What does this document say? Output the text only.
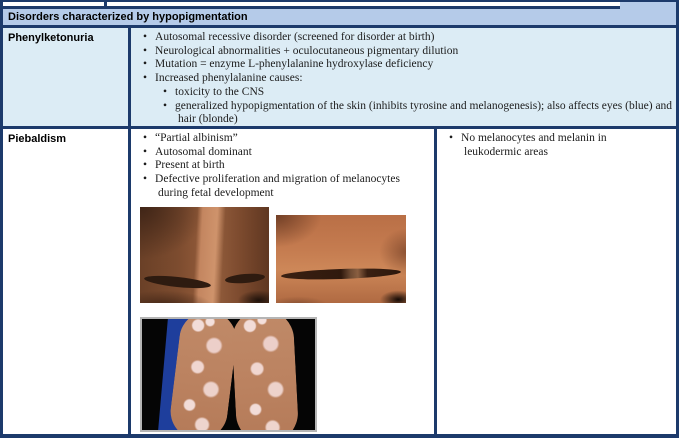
Disorders characterized by hypopigmentation
Phenylketonuria	• Autosomal recessive disorder (screened for disorder at birth)
• Neurological abnormalities + oculocutaneous pigmentary dilution
• Mutation = enzyme L-phenylalanine hydroxylase deficiency
• Increased phenylalanine causes:
• toxicity to the CNS
• generalized hypopigmentation of the skin (inhibits tyrosine and melanogenesis); also affects eyes (blue) and hair (blonde)
Piebaldism	• “Partial albinism”
• Autosomal dominant
• Present at birth
• Defective proliferation and migration of melanocytes during fetal development
• No melanocytes and melanin in leukodermic areas
